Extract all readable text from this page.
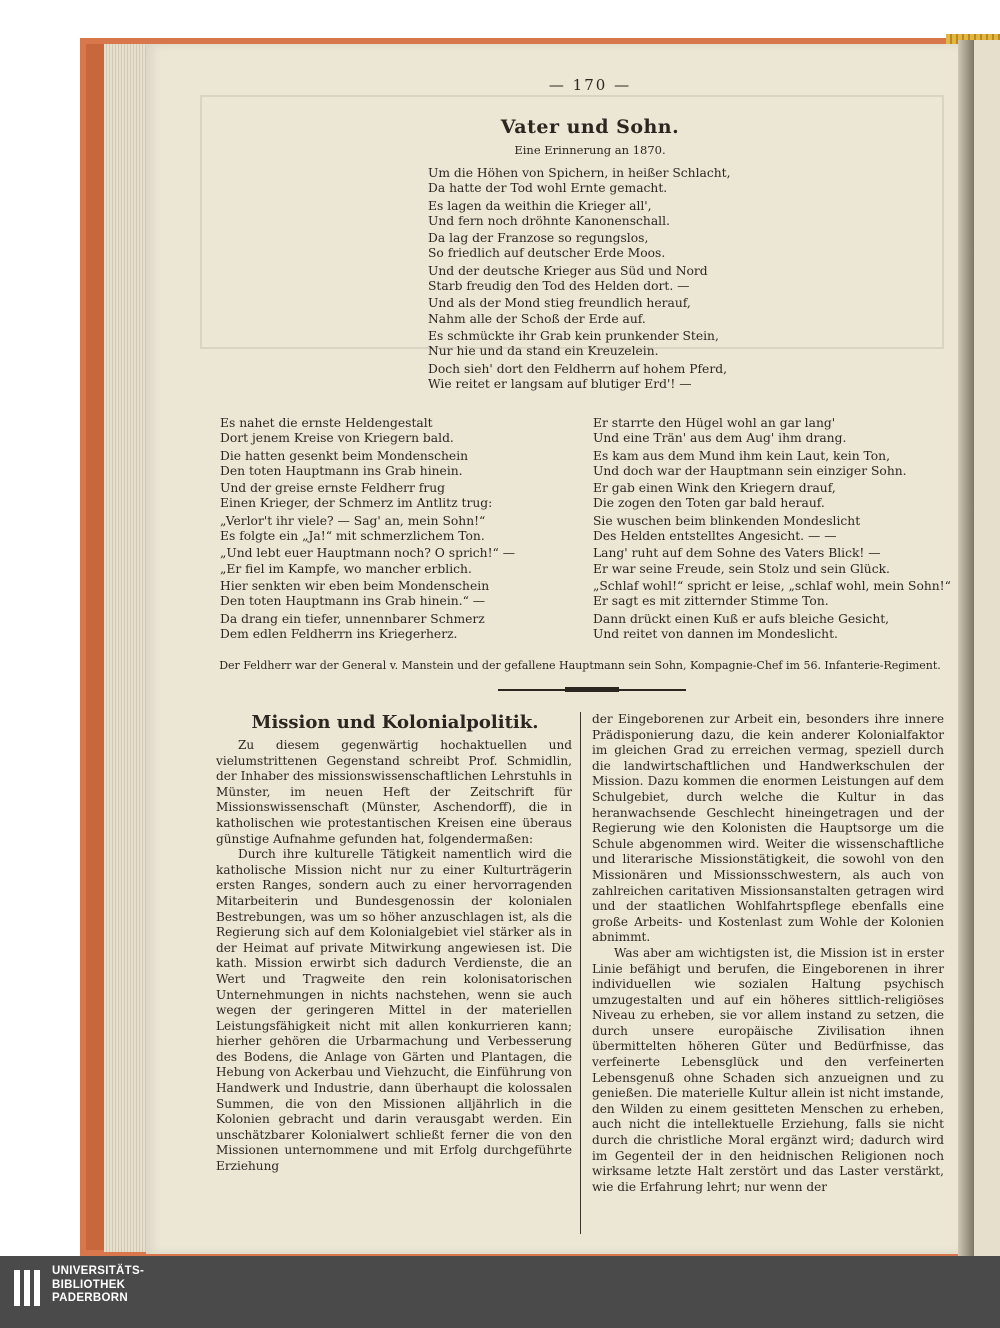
— 170 —
Vater und Sohn.
Eine Erinnerung an 1870.
Um die Höhen von Spichern, in heißer Schlacht,
Da hatte der Tod wohl Ernte gemacht.
Es lagen da weithin die Krieger all',
Und fern noch dröhnte Kanonenschall.
Da lag der Franzose so regungslos,
So friedlich auf deutscher Erde Moos.
Und der deutsche Krieger aus Süd und Nord
Starb freudig den Tod des Helden dort. —
Und als der Mond stieg freundlich herauf,
Nahm alle der Schoß der Erde auf.
Es schmückte ihr Grab kein prunkender Stein,
Nur hie und da stand ein Kreuzelein.
Doch sieh' dort den Feldherrn auf hohem Pferd,
Wie reitet er langsam auf blutiger Erd'! —
Es nahet die ernste Heldengestalt
Dort jenem Kreise von Kriegern bald.
Die hatten gesenkt beim Mondenschein
Den toten Hauptmann ins Grab hinein.
Und der greise ernste Feldherr frug
Einen Krieger, der Schmerz im Antlitz trug:
„Verlor't ihr viele? — Sag' an, mein Sohn!“
Es folgte ein „Ja!“ mit schmerzlichem Ton.
„Und lebt euer Hauptmann noch? O sprich!“ —
„Er fiel im Kampfe, wo mancher erblich.
Hier senkten wir eben beim Mondenschein
Den toten Hauptmann ins Grab hinein.“ —
Da drang ein tiefer, unnennbarer Schmerz
Dem edlen Feldherrn ins Kriegerherz.
Er starrte den Hügel wohl an gar lang'
Und eine Trän' aus dem Aug' ihm drang.
Es kam aus dem Mund ihm kein Laut, kein Ton,
Und doch war der Hauptmann sein einziger Sohn.
Er gab einen Wink den Kriegern drauf,
Die zogen den Toten gar bald herauf.
Sie wuschen beim blinkenden Mondeslicht
Des Helden entstelltes Angesicht. — —
Lang' ruht auf dem Sohne des Vaters Blick! —
Er war seine Freude, sein Stolz und sein Glück.
„Schlaf wohl!“ spricht er leise, „schlaf wohl, mein Sohn!“
Er sagt es mit zitternder Stimme Ton.
Dann drückt einen Kuß er aufs bleiche Gesicht,
Und reitet von dannen im Mondeslicht.
Der Feldherr war der General v. Manstein und der gefallene Hauptmann sein Sohn, Kompagnie-Chef im 56. Infanterie-Regiment.
Mission und Kolonialpolitik.

Zu diesem gegenwärtig hochaktuellen und vielumstrittenen Gegenstand schreibt Prof. Schmidlin, der Inhaber des missionswissenschaftlichen Lehrstuhls in Münster, im neuen Heft der Zeitschrift für Missionswissenschaft (Münster, Aschendorff), die in katholischen wie protestantischen Kreisen eine überaus günstige Aufnahme gefunden hat, folgendermaßen:

Durch ihre kulturelle Tätigkeit namentlich wird die katholische Mission nicht nur zu einer Kulturträgerin ersten Ranges, sondern auch zu einer hervorragenden Mitarbeiterin und Bundesgenossin der kolonialen Bestrebungen, was um so höher anzuschlagen ist, als die Regierung sich auf dem Kolonialgebiet viel stärker als in der Heimat auf private Mitwirkung angewiesen ist. Die kath. Mission erwirbt sich dadurch Verdienste, die an Wert und Tragweite den rein kolonisatorischen Unternehmungen in nichts nachstehen, wenn sie auch wegen der geringeren Mittel in der materiellen Leistungsfähigkeit nicht mit allen konkurrieren kann; hierher gehören die Urbarmachung und Verbesserung des Bodens, die Anlage von Gärten und Plantagen, die Hebung von Ackerbau und Viehzucht, die Einführung von Handwerk und Industrie, dann überhaupt die kolossalen Summen, die von den Missionen alljährlich in die Kolonien gebracht und darin verausgabt werden. Ein unschätzbarer Kolonialwert schließt ferner die von den Missionen unternommene und mit Erfolg durchgeführte Erziehung

der Eingeborenen zur Arbeit ein, besonders ihre innere Prädisponierung dazu, die kein anderer Kolonialfaktor im gleichen Grad zu erreichen vermag, speziell durch die landwirtschaftlichen und Handwerkschulen der Mission. Dazu kommen die enormen Leistungen auf dem Schulgebiet, durch welche die Kultur in das heranwachsende Geschlecht hineingetragen und der Regierung wie den Kolonisten die Hauptsorge um die Schule abgenommen wird. Weiter die wissenschaftliche und literarische Missionstätigkeit, die sowohl von den Missionären und Missionsschwestern, als auch von zahlreichen caritativen Missionsanstalten getragen wird und der staatlichen Wohlfahrtspflege ebenfalls eine große Arbeits- und Kostenlast zum Wohle der Kolonien abnimmt.

Was aber am wichtigsten ist, die Mission ist in erster Linie befähigt und berufen, die Eingeborenen in ihrer individuellen wie sozialen Haltung psychisch umzugestalten und auf ein höheres sittlich-religiöses Niveau zu erheben, sie vor allem instand zu setzen, die durch unsere europäische Zivilisation ihnen übermittelten höheren Güter und Bedürfnisse, das verfeinerte Lebensglück und den verfeinerten Lebensgenuß ohne Schaden sich anzueignen und zu genießen. Die materielle Kultur allein ist nicht imstande, den Wilden zu einem gesitteten Menschen zu erheben, auch nicht die intellektuelle Erziehung, falls sie nicht durch die christliche Moral ergänzt wird; dadurch wird im Gegenteil der in den heidnischen Religionen noch wirksame letzte Halt zerstört und das Laster verstärkt, wie die Erfahrung lehrt; nur wenn der

UNIVERSITÄTS-
BIBLIOTHEK
PADERBORN
